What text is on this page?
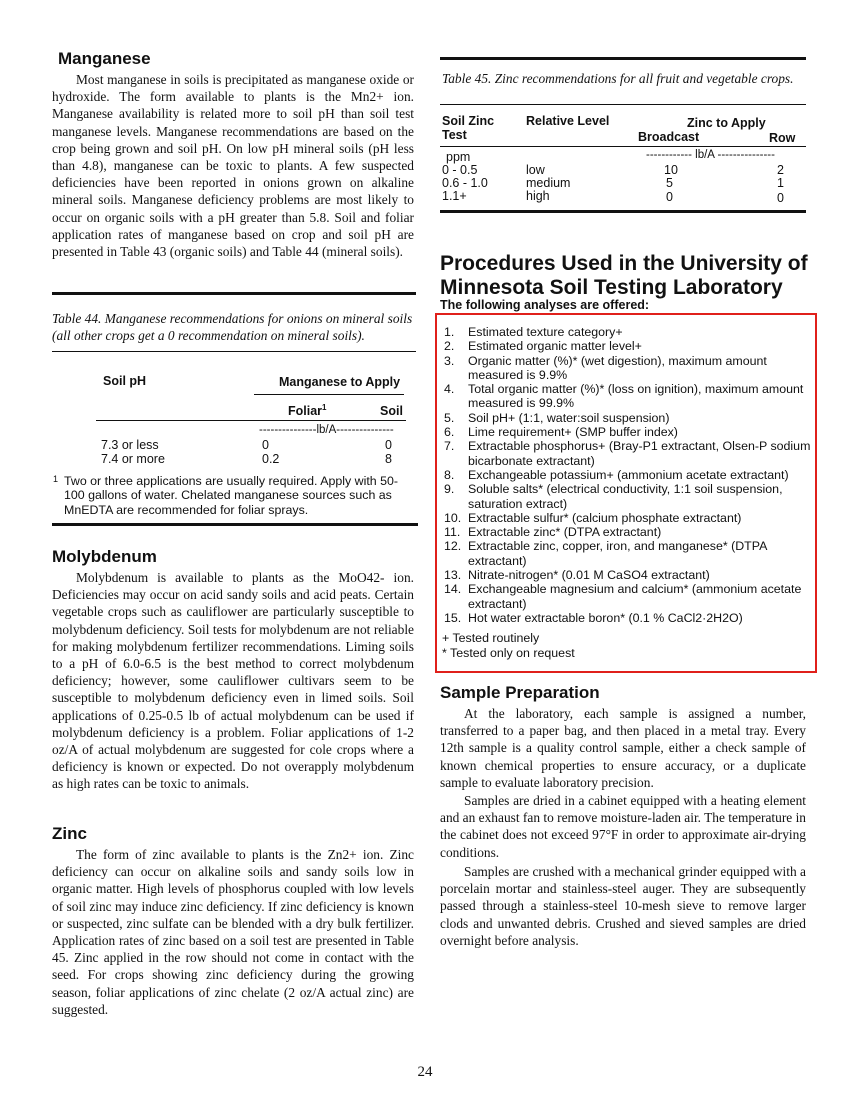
Manganese

Most manganese in soils is precipitated as manganese oxide or hydroxide. The form available to plants is the Mn2+ ion. Manganese availability is related more to soil pH than soil test manganese levels. Manganese recommendations are based on the crop being grown and soil pH. On low pH mineral soils (pH less than 4.8), manganese can be toxic to plants. A few suspected deficiencies have been reported in onions grown on alkaline mineral soils. Manganese deficiency problems are most likely to occur on organic soils with a pH greater than 5.8. Soil and foliar application rates of manganese based on crop and soil pH are presented in Table 43 (organic soils) and Table 44 (mineral soils).

Table 44. Manganese recommendations for onions on mineral soils (all other crops get a 0 recommendation on mineral soils).

Soil pH	Manganese to Apply
Foliar$^1$	Soil
---------------lb/A---------------
7.3 or less	0	0
7.4 or more	0.2	8
1 Two or three applications are usually required. Apply with 50-100 gallons of water. Chelated manganese sources such as MnEDTA are recommended for foliar sprays.
Molybdenum

Molybdenum is available to plants as the MoO42- ion. Deficiencies may occur on acid sandy soils and acid peats. Certain vegetable crops such as cauliflower are particularly susceptible to molybdenum deficiency. Soil tests for molybdenum are not reliable for making molybdenum fertilizer recommendations. Liming soils to a pH of 6.0-6.5 is the best method to correct molybdenum deficiency; however, some cauliflower cultivars seem to be susceptible to molybdenum deficiency even in limed soils. Soil applications of 0.25-0.5 lb of actual molybdenum can be used if molybdenum deficiency is a problem. Foliar applications of 1-2 oz/A of actual molybdenum are suggested for cole crops where a deficiency is known or expected. Do not overapply molybdenum as high rates can be toxic to animals.

Zinc

The form of zinc available to plants is the Zn2+ ion. Zinc deficiency can occur on alkaline soils and sandy soils low in organic matter. High levels of phosphorus coupled with low levels of soil zinc may induce zinc deficiency. If zinc deficiency is known or suspected, zinc sulfate can be blended with a dry bulk fertilizer. Application rates of zinc based on a soil test are presented in Table 45. Zinc applied in the row should not come in contact with the seed. For crops showing zinc deficiency during the growing season, foliar applications of zinc chelate (2 oz/A actual zinc) are suggested.

Table 45. Zinc recommendations for all fruit and vegetable crops.

Soil Zinc Test
Relative Level	Zinc to Apply
Broadcast	Row
ppm	------------ lb/A ---------------
0 - 0.5	low	10	2
0.6 - 1.0	medium	5	1
1.1+	high	0	0
Procedures Used in the University of
Minnesota Soil Testing Laboratory
The following analyses are offered:
1.	Estimated texture category+
2.	Estimated organic matter level+
3.	Organic matter (%)* (wet digestion), maximum amount measured is 9.9%
4.	Total organic matter (%)* (loss on ignition), maximum amount measured is 99.9%
5.	Soil pH+ (1:1, water:soil suspension)
6.	Lime requirement+ (SMP buffer index)
7.	Extractable phosphorus+ (Bray-P1 extractant, Olsen-P sodium bicarbonate extractant)
8.	Exchangeable potassium+ (ammonium acetate extractant)
9.	Soluble salts* (electrical conductivity, 1:1 soil suspension, saturation extract)
10. Extractable sulfur* (calcium phosphate extractant)
11. Extractable zinc* (DTPA extractant)
12. Extractable zinc, copper, iron, and manganese* (DTPA extractant)
13. Nitrate-nitrogen* (0.01 M CaSO4 extractant)
14. Exchangeable magnesium and calcium* (ammonium acetate extractant)
15. Hot water extractable boron* (0.1 % CaCl2·2H2O)
+ Tested routinely
* Tested only on request
Sample Preparation

At the laboratory, each sample is assigned a number, transferred to a paper bag, and then placed in a metal tray. Every 12th sample is a quality control sample, either a check sample of known chemical properties to ensure accuracy, or a duplicate sample to evaluate laboratory precision.

Samples are dried in a cabinet equipped with a heating element and an exhaust fan to remove moisture-laden air. The temperature in the cabinet does not exceed 97°F in order to approximate air-drying conditions.

Samples are crushed with a mechanical grinder equipped with a porcelain mortar and stainless-steel auger. They are subsequently passed through a stainless-steel 10-mesh sieve to remove larger clods and unwanted debris. Crushed and sieved samples are dried overnight before analysis.

24
